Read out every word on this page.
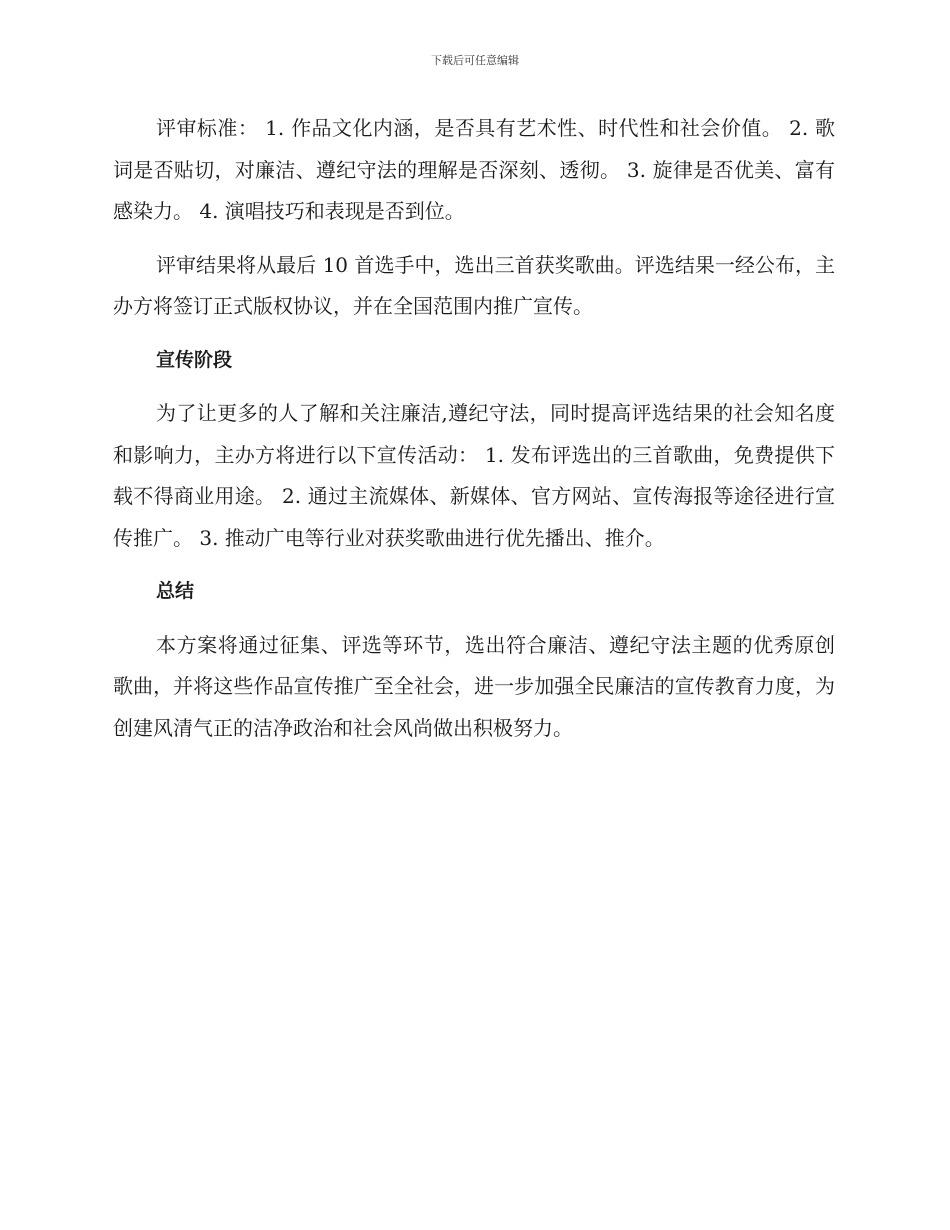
下载后可任意编辑

评审标准： 1. 作品文化内涵，是否具有艺术性、时代性和社会价值。 2. 歌词是否贴切，对廉洁、遵纪守法的理解是否深刻、透彻。 3. 旋律是否优美、富有感染力。 4. 演唱技巧和表现是否到位。

评审结果将从最后 10 首选手中，选出三首获奖歌曲。评选结果一经公布，主办方将签订正式版权协议，并在全国范围内推广宣传。

宣传阶段

为了让更多的人了解和关注廉洁,遵纪守法，同时提高评选结果的社会知名度和影响力，主办方将进行以下宣传活动： 1. 发布评选出的三首歌曲，免费提供下载不得商业用途。 2. 通过主流媒体、新媒体、官方网站、宣传海报等途径进行宣传推广。 3. 推动广电等行业对获奖歌曲进行优先播出、推介。

总结

本方案将通过征集、评选等环节，选出符合廉洁、遵纪守法主题的优秀原创歌曲，并将这些作品宣传推广至全社会，进一步加强全民廉洁的宣传教育力度，为创建风清气正的洁净政治和社会风尚做出积极努力。
